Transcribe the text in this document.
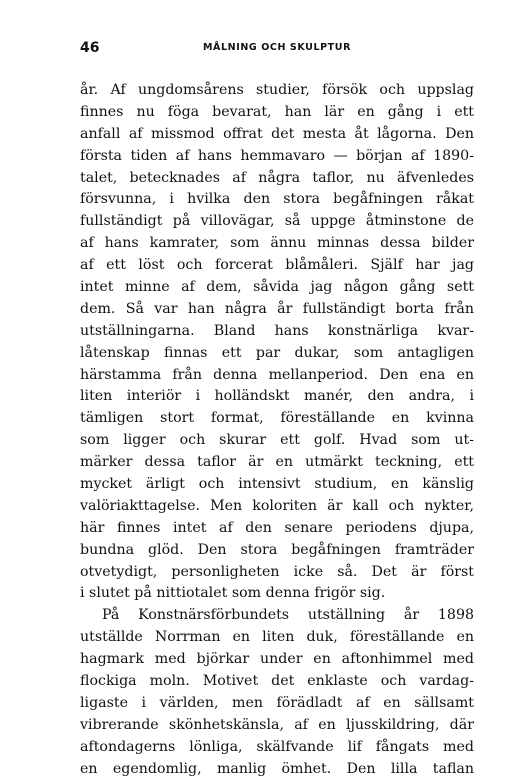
46	MÅLNING OCH SKULPTUR
år. Af ungdomsårens studier, försök och uppslag
finnes nu föga bevarat, han lär en gång i ett
anfall af missmod offrat det mesta åt lågorna. Den
första tiden af hans hemmavaro — början af 1890-
talet, betecknades af några taflor, nu äfvenledes
försvunna, i hvilka den stora begåfningen råkat
fullständigt på villovägar, så uppge åtminstone de
af hans kamrater, som ännu minnas dessa bilder
af ett löst och forcerat blåmåleri. Själf har jag
intet minne af dem, såvida jag någon gång sett
dem. Så var han några år fullständigt borta från
utställningarna. Bland hans konstnärliga kvar-
låtenskap finnas ett par dukar, som antagligen
härstamma från denna mellanperiod. Den ena en
liten interiör i holländskt manér, den andra, i
tämligen stort format, föreställande en kvinna
som ligger och skurar ett golf. Hvad som ut-
märker dessa taflor är en utmärkt teckning, ett
mycket ärligt och intensivt studium, en känslig
valöriakttagelse. Men koloriten är kall och nykter,
här finnes intet af den senare periodens djupa,
bundna glöd. Den stora begåfningen framträder
otvetydigt, personligheten icke så. Det är först
i slutet på nittiotalet som denna frigör sig.
På Konstnärsförbundets utställning år 1898
utställde Norrman en liten duk, föreställande en
hagmark med björkar under en aftonhimmel med
flockiga moln. Motivet det enklaste och vardag-
ligaste i världen, men förädladt af en sällsamt
vibrerande skönhetskänsla, af en ljusskildring, där
aftondagerns lönliga, skälfvande lif fångats med
en egendomlig, manlig ömhet. Den lilla taflan
